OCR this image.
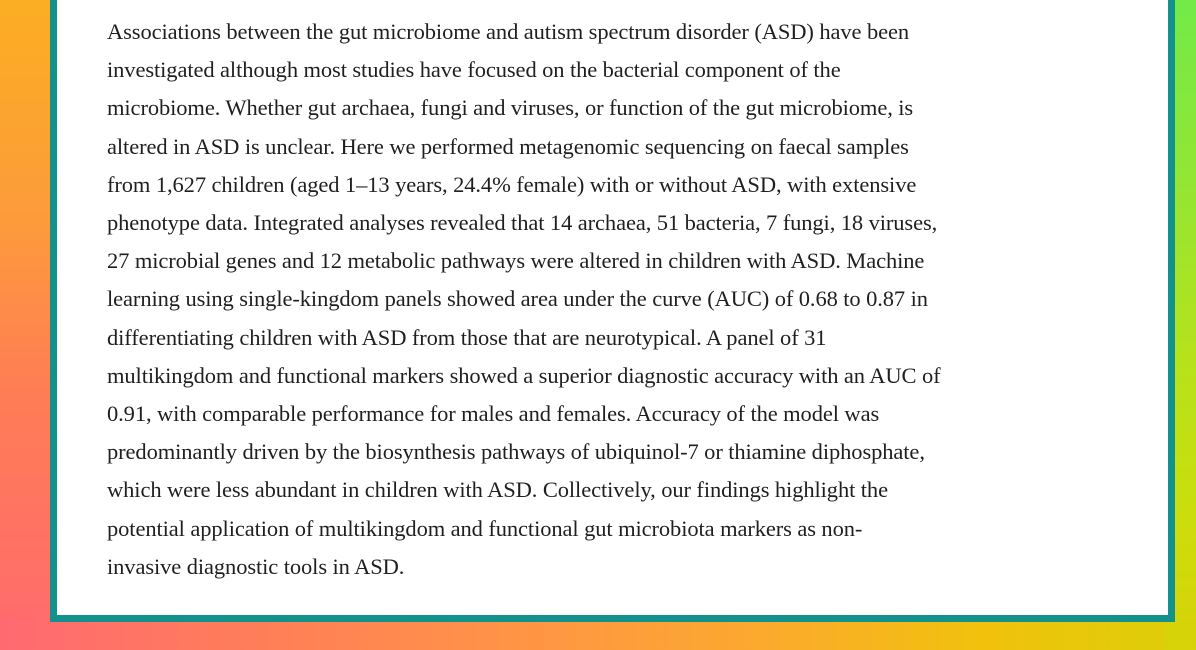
Associations between the gut microbiome and autism spectrum disorder (ASD) have been
investigated although most studies have focused on the bacterial component of the
microbiome. Whether gut archaea, fungi and viruses, or function of the gut microbiome, is
altered in ASD is unclear. Here we performed metagenomic sequencing on faecal samples
from 1,627 children (aged 1–13 years, 24.4% female) with or without ASD, with extensive
phenotype data. Integrated analyses revealed that 14 archaea, 51 bacteria, 7 fungi, 18 viruses,
27 microbial genes and 12 metabolic pathways were altered in children with ASD. Machine
learning using single-kingdom panels showed area under the curve (AUC) of 0.68 to 0.87 in
differentiating children with ASD from those that are neurotypical. A panel of 31
multikingdom and functional markers showed a superior diagnostic accuracy with an AUC of
0.91, with comparable performance for males and females. Accuracy of the model was
predominantly driven by the biosynthesis pathways of ubiquinol-7 or thiamine diphosphate,
which were less abundant in children with ASD. Collectively, our findings highlight the
potential application of multikingdom and functional gut microbiota markers as non-
invasive diagnostic tools in ASD.
